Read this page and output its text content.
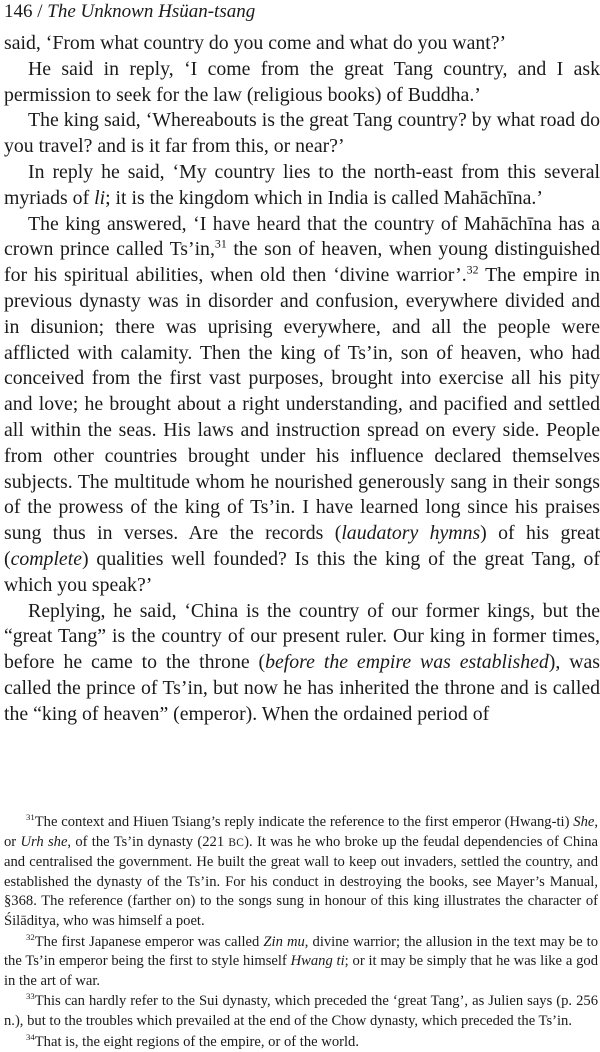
146 / The Unknown Hsüan-tsang

said, ‘From what country do you come and what do you want?’

He said in reply, ‘I come from the great Tang country, and I ask permission to seek for the law (religious books) of Buddha.’

The king said, ‘Whereabouts is the great Tang country? by what road do you travel? and is it far from this, or near?’

In reply he said, ‘My country lies to the north-east from this several myriads of li; it is the kingdom which in India is called Mahāchīna.’

The king answered, ‘I have heard that the country of Mahāchīna has a crown prince called Ts’in,$^{31}$ the son of heaven, when young distinguished for his spiritual abilities, when old then ‘divine warrior’.$^{32}$ The empire in previous dynasty was in disorder and confusion, everywhere divided and in disunion; there was uprising everywhere, and all the people were afflicted with calamity. Then the king of Ts’in, son of heaven, who had conceived from the first vast purposes, brought into exercise all his pity and love; he brought about a right understanding, and pacified and settled all within the seas. His laws and instruction spread on every side. People from other countries brought under his influence declared themselves subjects. The multitude whom he nourished generously sang in their songs of the prowess of the king of Ts’in. I have learned long since his praises sung thus in verses. Are the records (laudatory hymns) of his great (complete) qualities well founded? Is this the king of the great Tang, of which you speak?’

Replying, he said, ‘China is the country of our former kings, but the “great Tang” is the country of our present ruler. Our king in former times, before he came to the throne (before the empire was established), was called the prince of Ts’in, but now he has inherited the throne and is called the “king of heaven” (emperor). When the ordained period of

$^{31}$The context and Hiuen Tsiang’s reply indicate the reference to the first emperor (Hwang-ti) She, or Urh she, of the Ts’in dynasty (221 BC). It was he who broke up the feudal dependencies of China and centralised the government. He built the great wall to keep out invaders, settled the country, and established the dynasty of the Ts’in. For his conduct in destroying the books, see Mayer’s Manual, §368. The reference (farther on) to the songs sung in honour of this king illustrates the character of Śilāditya, who was himself a poet.

$^{32}$The first Japanese emperor was called Zin mu, divine warrior; the allusion in the text may be to the Ts’in emperor being the first to style himself Hwang ti; or it may be simply that he was like a god in the art of war.

$^{33}$This can hardly refer to the Sui dynasty, which preceded the ‘great Tang’, as Julien says (p. 256 n.), but to the troubles which prevailed at the end of the Chow dynasty, which preceded the Ts’in.

$^{34}$That is, the eight regions of the empire, or of the world.
